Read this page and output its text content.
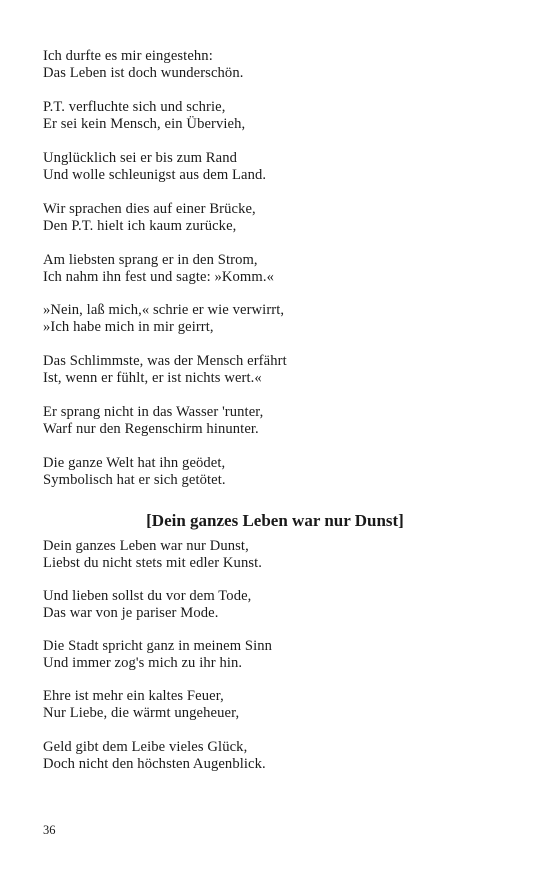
Ich durfte es mir eingestehn:
Das Leben ist doch wunderschön.
P.T. verfluchte sich und schrie,
Er sei kein Mensch, ein Übervieh,
Unglücklich sei er bis zum Rand
Und wolle schleunigst aus dem Land.
Wir sprachen dies auf einer Brücke,
Den P.T. hielt ich kaum zurücke,
Am liebsten sprang er in den Strom,
Ich nahm ihn fest und sagte: »Komm.«
»Nein, laß mich,« schrie er wie verwirrt,
»Ich habe mich in mir geirrt,
Das Schlimmste, was der Mensch erfährt
Ist, wenn er fühlt, er ist nichts wert.«
Er sprang nicht in das Wasser 'runter,
Warf nur den Regenschirm hinunter.
Die ganze Welt hat ihn geödet,
Symbolisch hat er sich getötet.
[Dein ganzes Leben war nur Dunst]
Dein ganzes Leben war nur Dunst,
Liebst du nicht stets mit edler Kunst.
Und lieben sollst du vor dem Tode,
Das war von je pariser Mode.
Die Stadt spricht ganz in meinem Sinn
Und immer zog's mich zu ihr hin.
Ehre ist mehr ein kaltes Feuer,
Nur Liebe, die wärmt ungeheuer,
Geld gibt dem Leibe vieles Glück,
Doch nicht den höchsten Augenblick.
36
